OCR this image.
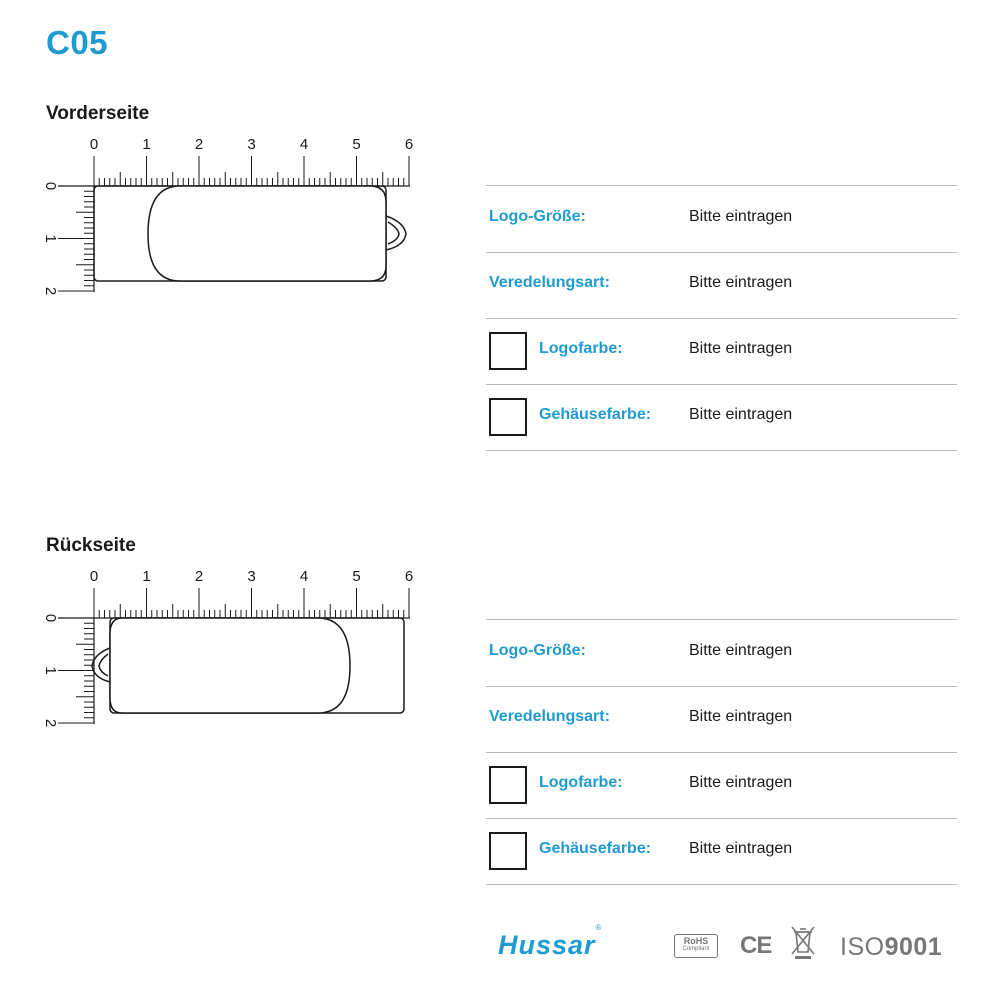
C05
Vorderseite
0	1	2	3	4	5	6
0
1
2
Logo-Größe:	Bitte eintragen
Veredelungsart:	Bitte eintragen
Logofarbe:	Bitte eintragen
Gehäusefarbe: Bitte eintragen
Rückseite
0	1	2	3	4	5	6
0
1
2
Logo-Größe:	Bitte eintragen
Veredelungsart:	Bitte eintragen
Logofarbe:	Bitte eintragen
Gehäusefarbe: Bitte eintragen
Hussar®
RoHS
Compliant	CE	ISO9001
